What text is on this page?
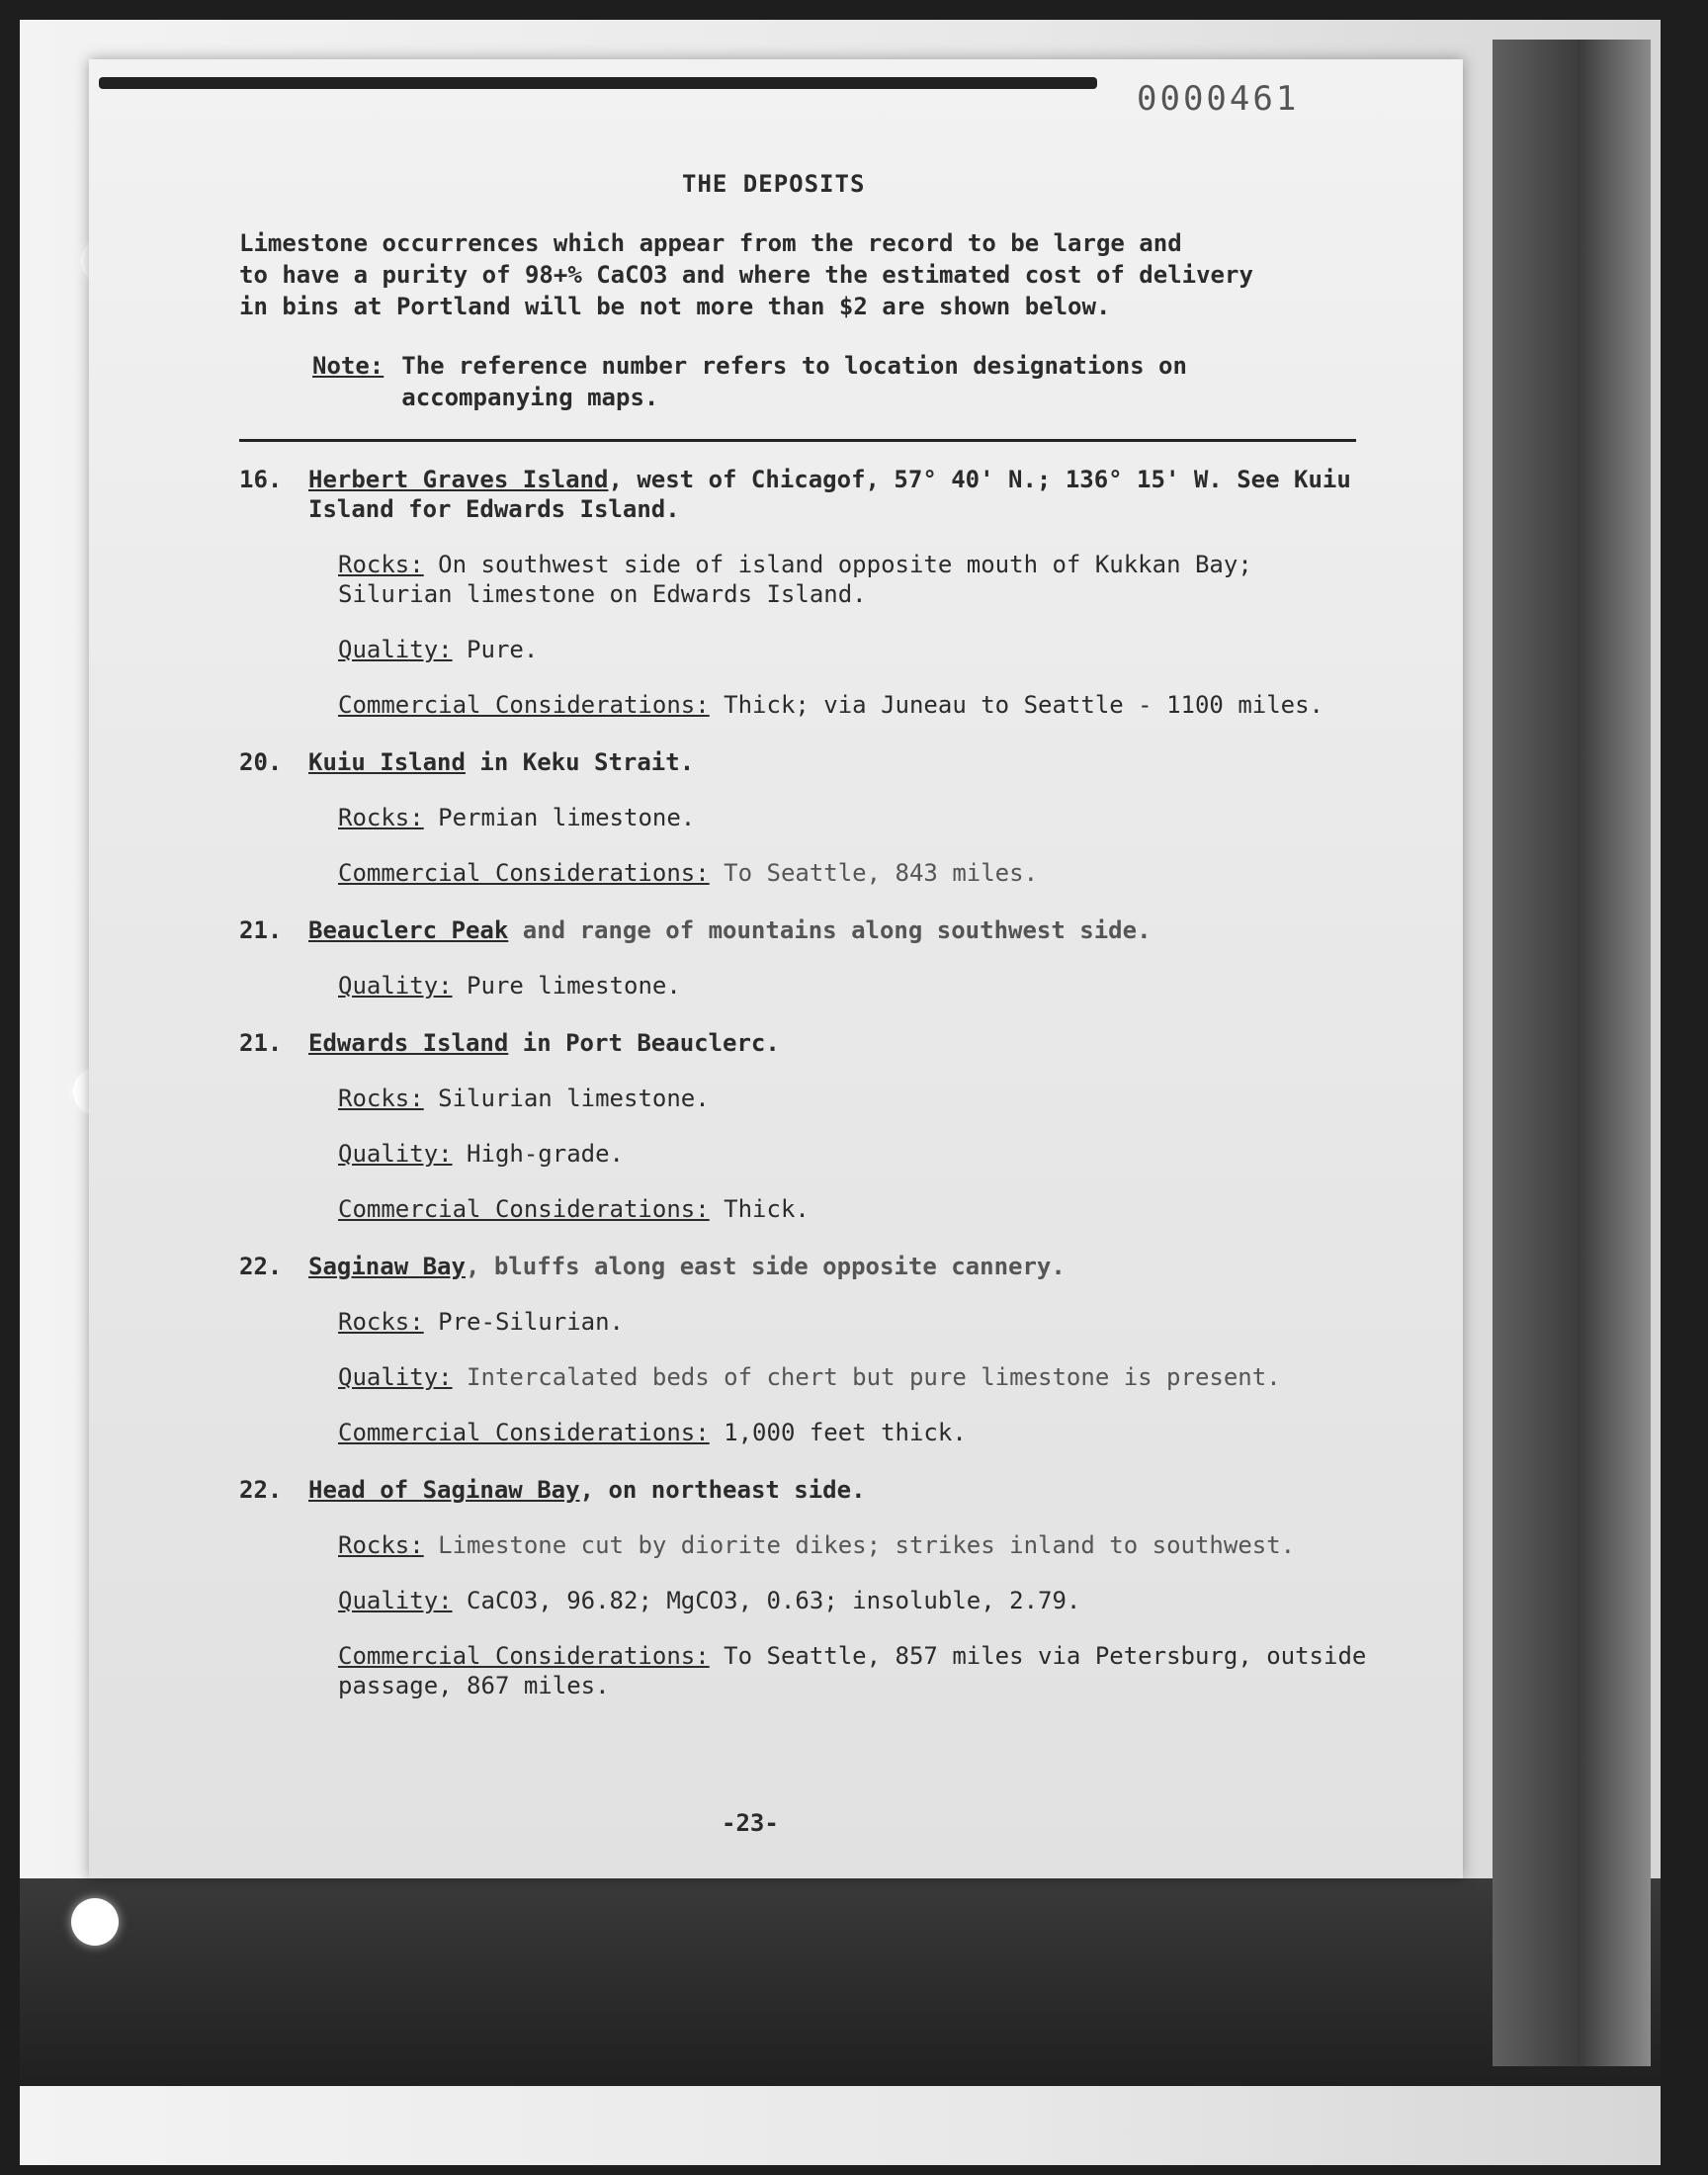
0000461
THE DEPOSITS
Limestone occurrences which appear from the record to be large and
to have a purity of 98+% CaCO3 and where the estimated cost of delivery
in bins at Portland will be not more than $2 are shown below.
Note: The reference number refers to location designations on accompanying maps.
16. Herbert Graves Island, west of Chicagof, 57° 40' N.; 136° 15' W. See Kuiu Island for Edwards Island.
Rocks: On southwest side of island opposite mouth of Kukkan Bay; Silurian limestone on Edwards Island.
Quality: Pure.
Commercial Considerations: Thick; via Juneau to Seattle - 1100 miles.
20. Kuiu Island in Keku Strait.
Rocks: Permian limestone.
Commercial Considerations: To Seattle, 843 miles.
21. Beauclerc Peak and range of mountains along southwest side.
Quality: Pure limestone.
21. Edwards Island in Port Beauclerc.
Rocks: Silurian limestone.
Quality: High-grade.
Commercial Considerations: Thick.
22. Saginaw Bay, bluffs along east side opposite cannery.
Rocks: Pre-Silurian.
Quality: Intercalated beds of chert but pure limestone is present.
Commercial Considerations: 1,000 feet thick.
22. Head of Saginaw Bay, on northeast side.
Rocks: Limestone cut by diorite dikes; strikes inland to southwest.
Quality: CaCO3, 96.82; MgCO3, 0.63; insoluble, 2.79.
Commercial Considerations: To Seattle, 857 miles via Petersburg, outside passage, 867 miles.
-23-
